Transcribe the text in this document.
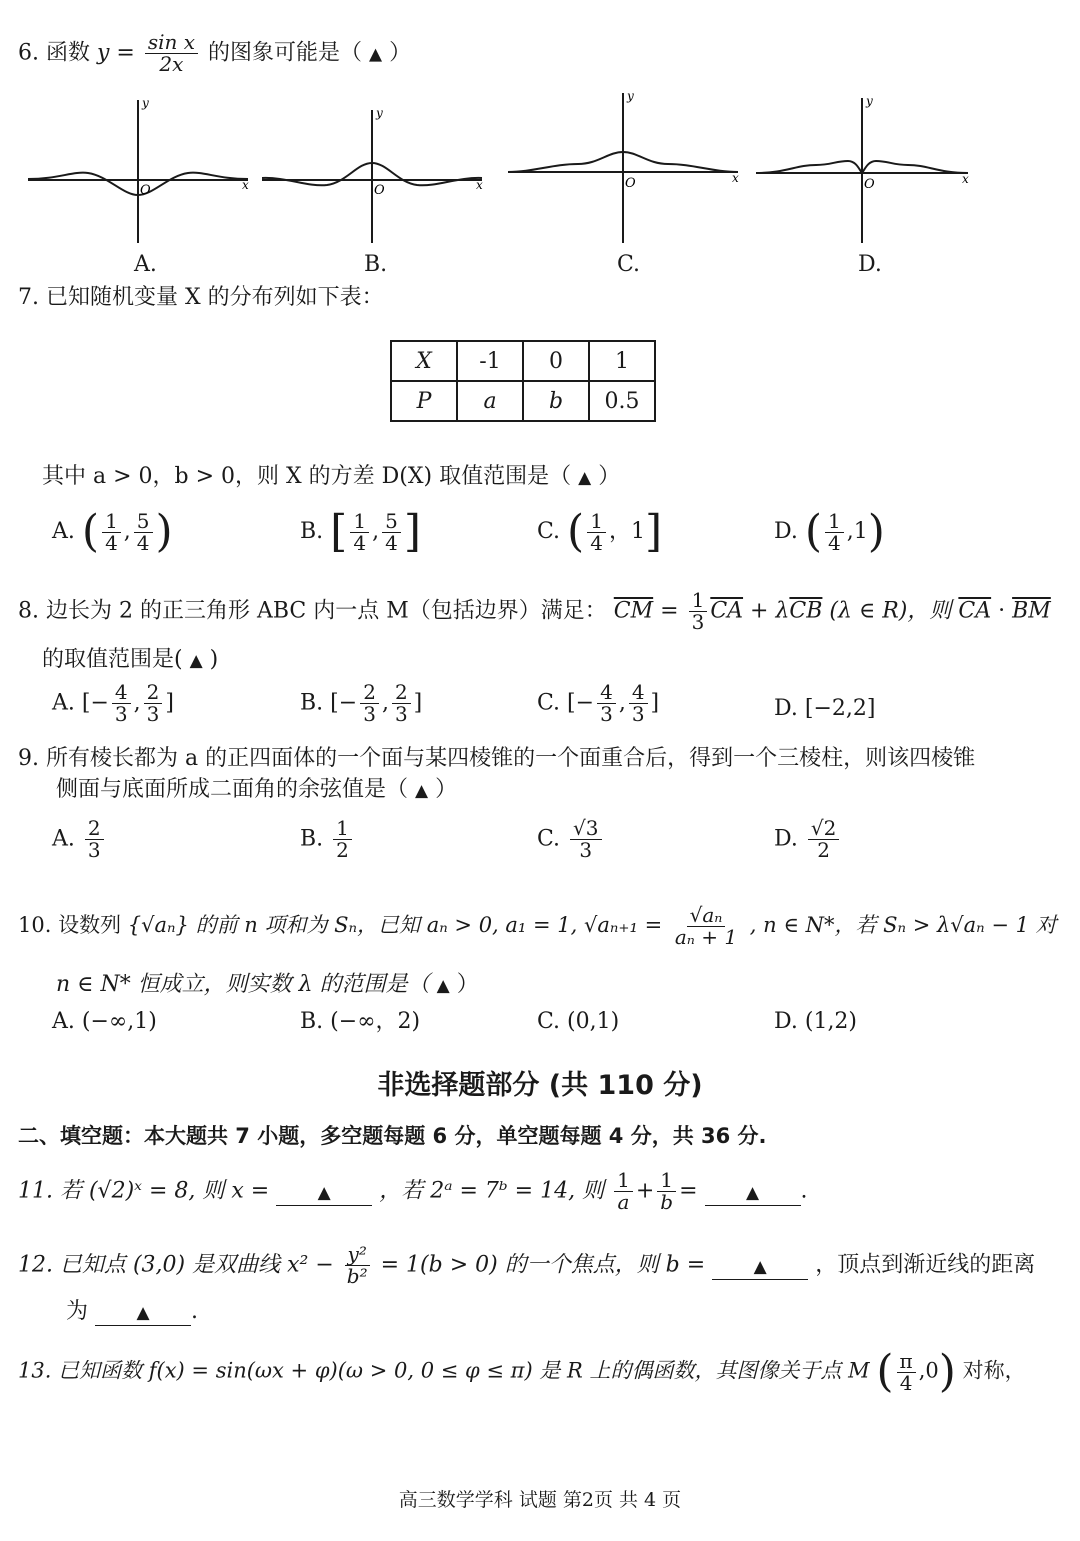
6. 函数 $y = \frac{\text{sin x}}{2x}$ 的图象可能是（ ▲ ）
y
x
O
A.
y
x
O
B.
y
x
O
C.
y
x
O
D.
7. 已知随机变量 X 的分布列如下表：
X	-1	0	1
P	a	b	0.5
其中 a > 0，b > 0，则 X 的方差 D(X) 取值范围是（ ▲ ）
A. ( $\frac{1}{4}$ , $\frac{5}{4}$ )	B. [ $\frac{1}{4}$ , $\frac{5}{4}$ ]	C. ( $\frac{1}{4}$ ，1]	D. ( $\frac{1}{4} ,1$)
8. 边长为 2 的正三角形 ABC 内一点 M（包括边界）满足： $\overline{CM} = \frac{1}{3} \overline{CA} + \lambda\overline{CB}$ (λ ∈ R)，则 $\overline{CA} \cdot \overline{BM}$
的取值范围是( ▲ )
A. [− $\frac{4}{3}$ , $\frac{2}{3}$ ]	B. [− $\frac{2}{3}$ , $\frac{2}{3}$ ]	C. [− $\frac{4}{3}$ , $\frac{4}{3}$ ]	D. [−2,2]
9. 所有棱长都为 a 的正四面体的一个面与某四棱锥的一个面重合后，得到一个三棱柱，则该四棱锥
侧面与底面所成二面角的余弦值是（ ▲ ）
A. $\frac{2}{3}$	B. $\frac{1}{2}$	C. $\frac{√3}{3}$	D. $\frac{√2}{2}$
10. 设数列 {√aₙ} 的前 n 项和为 Sₙ，已知 aₙ > 0, a₁ = 1, $√a_{n+1} = \frac{\text{√aₙ}}{\text{aₙ + 1}}$ , n ∈ N*，若 Sₙ > λ√aₙ − 1 对
n ∈ N* 恒成立，则实数 λ 的范围是（ ▲ ）
A. (−∞,1)	B. (−∞，2)	C. (0,1)	D. (1,2)
非选择题部分 (共 110 分)
二、填空题：本大题共 7 小题，多空题每题 6 分，单空题每题 4 分，共 36 分.
11. 若 (√2)ˣ = 8, 则 x =	▲ ，若 2ᵃ = 7ᵇ = 14, 则 $\frac{1}{a} + \frac{1}{b}$ =	▲ .
12. 已知点 (3,0) 是双曲线 $x^2 - \frac{\text{y²}}{\text{b²}} = 1(b > 0)$ 的一个焦点，则 b =	▲ ，顶点到渐近线的距离
为	▲ .
13. 已知函数 f(x) = sin(ωx + φ)(ω > 0, 0 ≤ φ ≤ π) 是 R 上的偶函数，其图像关于点 M ( $\frac{\pi}{4} ,0$) 对称，
高三数学学科 试题 第2页 共 4 页
